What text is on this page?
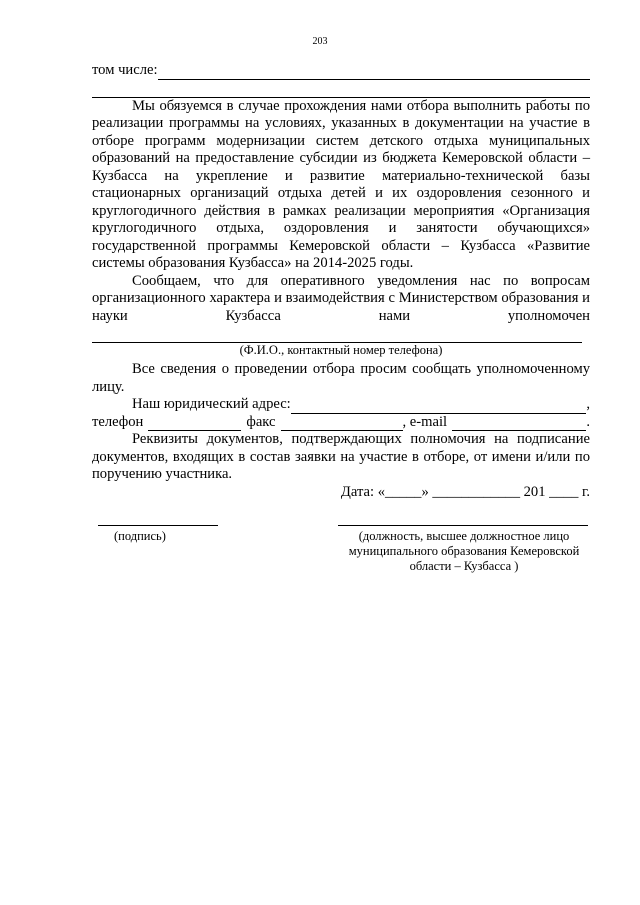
203
том числе:
Мы обязуемся в случае прохождения нами отбора выполнить работы по реализации программы на условиях, указанных в документации на участие в отборе программ модернизации систем детского отдыха муниципальных образований на предоставление субсидии из бюджета Кемеровской области – Кузбасса на укрепление и развитие материально-технической базы стационарных организаций отдыха детей и их оздоровления сезонного и круглогодичного действия в рамках реализации мероприятия «Организация круглогодичного отдыха, оздоровления и занятости обучающихся» государственной программы Кемеровской области – Кузбасса «Развитие системы образования Кузбасса» на 2014-2025 годы.
Сообщаем, что для оперативного уведомления нас по вопросам организационного характера и взаимодействия с Министерством образования и науки Кузбасса нами уполномочен
(Ф.И.О., контактный номер телефона)
Все сведения о проведении отбора просим сообщать уполномоченному лицу.
Наш юридический адрес:	,
телефон	факс	, e-mail	.
Реквизиты документов, подтверждающих полномочия на подписание документов, входящих в состав заявки на участие в отборе, от имени и/или по поручению участника.
Дата: «_____» ____________ 201 ____ г.
(подпись)	(должность, высшее должностное лицо муниципального образования Кемеровской области – Кузбасса )
